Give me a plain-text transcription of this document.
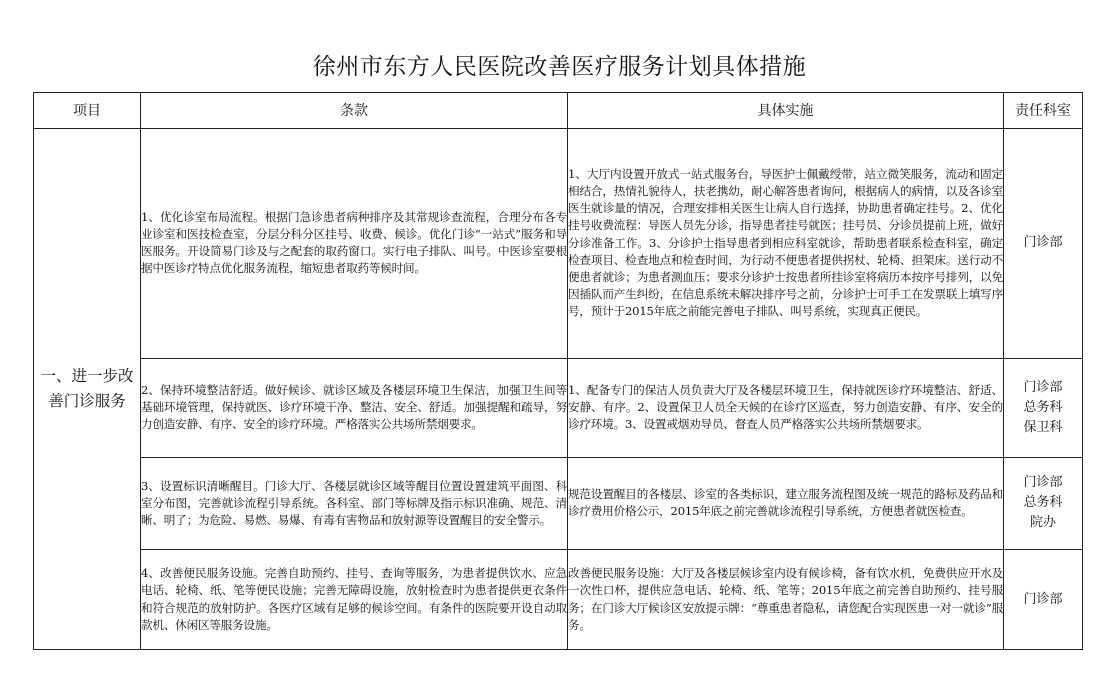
徐州市东方人民医院改善医疗服务计划具体措施
项目	条款	具体实施	责任科室
一、进一步改善门诊服务	1、优化诊室布局流程。根据门急诊患者病种排序及其常规诊查流程，合理分布各专业诊室和医技检查室，分层分科分区挂号、收费、候诊。优化门诊“一站式”服务和导医服务。开设简易门诊及与之配套的取药窗口。实行电子排队、叫号。中医诊室要根据中医诊疗特点优化服务流程，缩短患者取药等候时间。	1、大厅内设置开放式一站式服务台，导医护士佩戴绶带，站立微笑服务，流动和固定相结合，热情礼貌待人，扶老携幼，耐心解答患者询问，根据病人的病情，以及各诊室医生就诊量的情况，合理安排相关医生让病人自行选择，协助患者确定挂号。2、优化挂号收费流程：导医人员先分诊，指导患者挂号就医；挂号员、分诊员提前上班，做好分诊准备工作。3、分诊护士指导患者到相应科室就诊，帮助患者联系检查科室，确定检查项目、检查地点和检查时间，为行动不便患者提供拐杖、轮椅、担架床。送行动不便患者就诊；为患者测血压；要求分诊护士按患者所挂诊室将病历本按序号排列，以免因插队而产生纠纷，在信息系统未解决排序号之前，分诊护士可手工在发票联上填写序号，预计于2015年底之前能完善电子排队、叫号系统，实现真正便民。	门诊部

	2、保持环境整洁舒适。做好候诊、就诊区域及各楼层环境卫生保洁，加强卫生间等基础环境管理，保持就医、诊疗环境干净、整洁、安全、舒适。加强提醒和疏导，努力创造安静、有序、安全的诊疗环境。严格落实公共场所禁烟要求。	1、配备专门的保洁人员负责大厅及各楼层环境卫生，保持就医诊疗环境整洁、舒适、安静、有序。2、设置保卫人员全天候的在诊疗区巡查，努力创造安静、有序、安全的诊疗环境。3、设置戒烟劝导员、督查人员严格落实公共场所禁烟要求。	门诊部
总务科
保卫科

	3、设置标识清晰醒目。门诊大厅、各楼层就诊区域等醒目位置设置建筑平面图、科室分布图，完善就诊流程引导系统。各科室、部门等标牌及指示标识准确、规范、清晰、明了；为危险、易燃、易爆、有毒有害物品和放射源等设置醒目的安全警示。	规范设置醒目的各楼层、诊室的各类标识，建立服务流程图及统一规范的路标及药品和诊疗费用价格公示，2015年底之前完善就诊流程引导系统，方便患者就医检查。	门诊部
总务科
院办

	4、改善便民服务设施。完善自助预约、挂号、查询等服务，为患者提供饮水、应急电话、轮椅、纸、笔等便民设施；完善无障碍设施，放射检查时为患者提供更衣条件和符合规范的放射防护。各医疗区域有足够的候诊空间。有条件的医院要开设自动取款机、休闲区等服务设施。	改善便民服务设施：大厅及各楼层候诊室内设有候诊椅，备有饮水机，免费供应开水及一次性口杯，提供应急电话、轮椅、纸、笔等；2015年底之前完善自助预约、挂号服务；在门诊大厅候诊区安放提示牌：“尊重患者隐私，请您配合实现医患一对一就诊”服务。	门诊部
